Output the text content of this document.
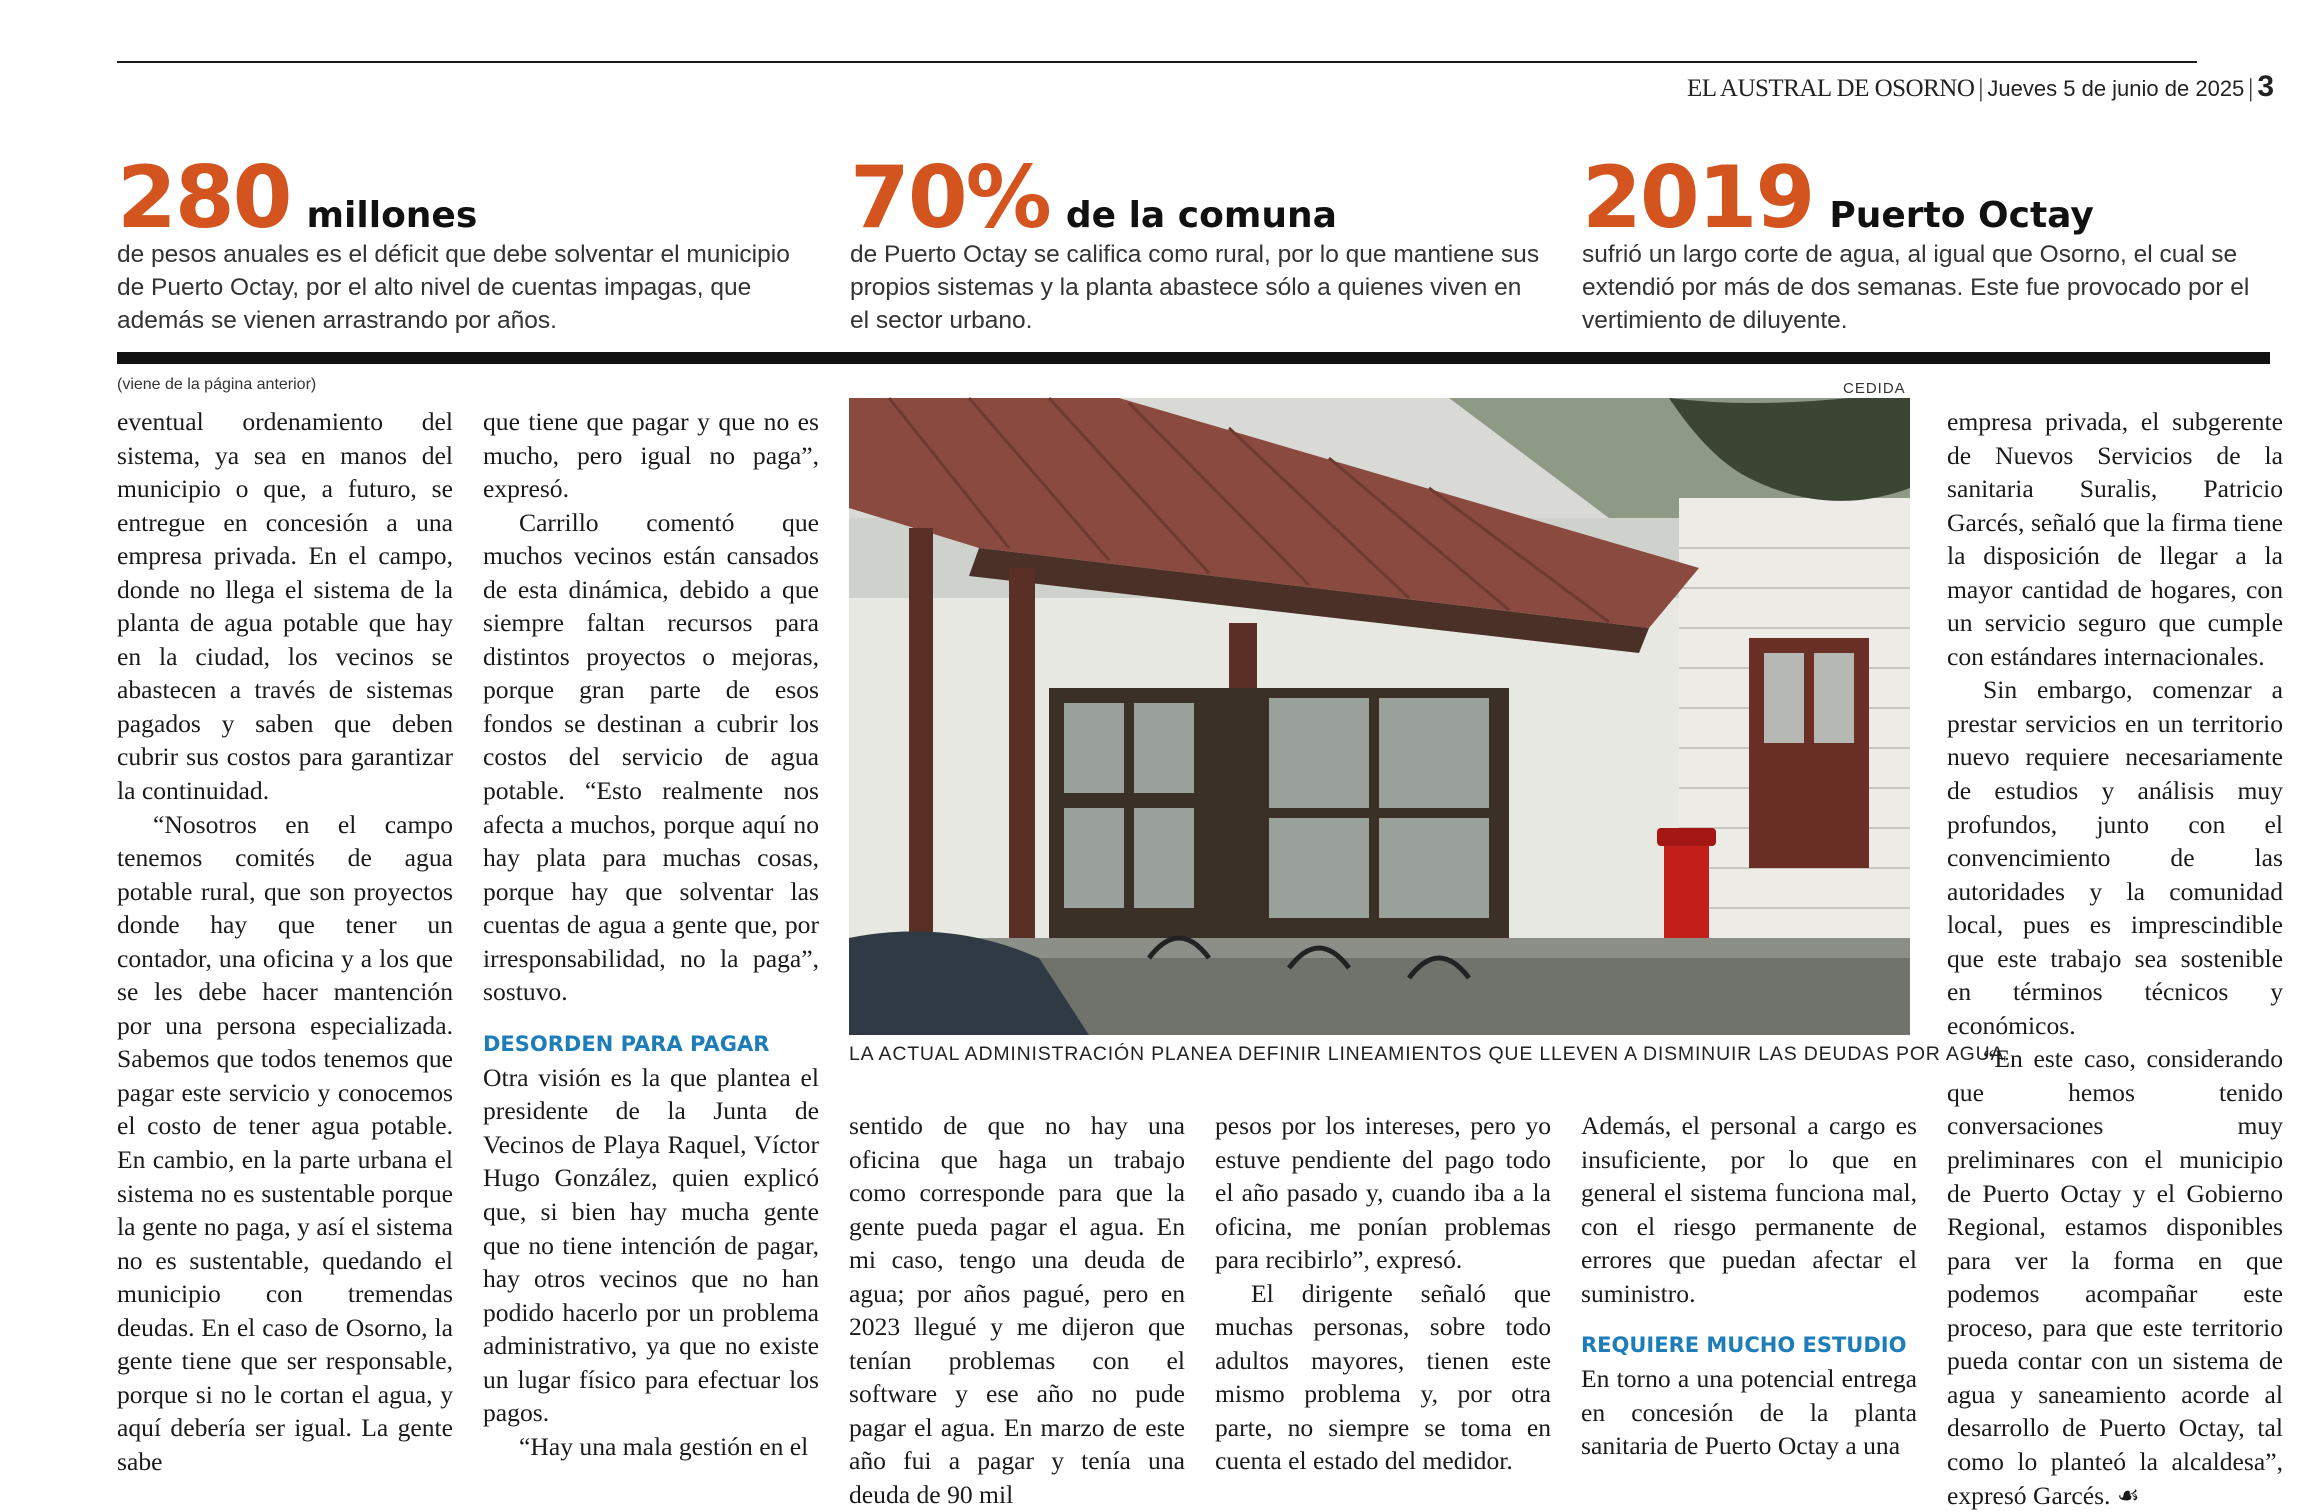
EL AUSTRAL DE OSORNO | Jueves 5 de junio de 2025 | 3
280 millones
de pesos anuales es el déficit que debe solventar el municipio de Puerto Octay, por el alto nivel de cuentas impagas, que además se vienen arrastrando por años.
70% de la comuna
de Puerto Octay se califica como rural, por lo que mantiene sus propios sistemas y la planta abastece sólo a quienes viven en el sector urbano.
2019 Puerto Octay
sufrió un largo corte de agua, al igual que Osorno, el cual se extendió por más de dos semanas. Este fue provocado por el vertimiento de diluyente.
(viene de la página anterior)	CEDIDA

eventual ordenamiento del sistema, ya sea en manos del municipio o que, a futuro, se entregue en concesión a una empresa privada. En el campo, donde no llega el sistema de la planta de agua potable que hay en la ciudad, los vecinos se abastecen a través de sistemas pagados y saben que deben cubrir sus costos para garantizar la continuidad.

“Nosotros en el campo tenemos comités de agua potable rural, que son proyectos donde hay que tener un contador, una oficina y a los que se les debe hacer mantención por una persona especializada. Sabemos que todos tenemos que pagar este servicio y conocemos el costo de tener agua potable. En cambio, en la parte urbana el sistema no es sustentable porque la gente no paga, y así el sistema no es sustentable, quedando el municipio con tremendas deudas. En el caso de Osorno, la gente tiene que ser responsable, porque si no le cortan el agua, y aquí debería ser igual. La gente sabe

que tiene que pagar y que no es mucho, pero igual no paga”, expresó.

Carrillo comentó que muchos vecinos están cansados de esta dinámica, debido a que siempre faltan recursos para distintos proyectos o mejoras, porque gran parte de esos fondos se destinan a cubrir los costos del servicio de agua potable. “Esto realmente nos afecta a muchos, porque aquí no hay plata para muchas cosas, porque hay que solventar las cuentas de agua a gente que, por irresponsabilidad, no la paga”, sostuvo.

DESORDEN PARA PAGAR

Otra visión es la que plantea el presidente de la Junta de Vecinos de Playa Raquel, Víctor Hugo González, quien explicó que, si bien hay mucha gente que no tiene intención de pagar, hay otros vecinos que no han podido hacerlo por un problema administrativo, ya que no existe un lugar físico para efectuar los pagos.

“Hay una mala gestión en el

LA ACTUAL ADMINISTRACIÓN PLANEA DEFINIR LINEAMIENTOS QUE LLEVEN A DISMINUIR LAS DEUDAS POR AGUA.

sentido de que no hay una oficina que haga un trabajo como corresponde para que la gente pueda pagar el agua. En mi caso, tengo una deuda de agua; por años pagué, pero en 2023 llegué y me dijeron que tenían problemas con el software y ese año no pude pagar el agua. En marzo de este año fui a pagar y tenía una deuda de 90 mil

pesos por los intereses, pero yo estuve pendiente del pago todo el año pasado y, cuando iba a la oficina, me ponían problemas para recibirlo”, expresó.

El dirigente señaló que muchas personas, sobre todo adultos mayores, tienen este mismo problema y, por otra parte, no siempre se toma en cuenta el estado del medidor.

Además, el personal a cargo es insuficiente, por lo que en general el sistema funciona mal, con el riesgo permanente de errores que puedan afectar el suministro.

REQUIERE MUCHO ESTUDIO

En torno a una potencial entrega en concesión de la planta sanitaria de Puerto Octay a una

empresa privada, el subgerente de Nuevos Servicios de la sanitaria Suralis, Patricio Garcés, señaló que la firma tiene la disposición de llegar a la mayor cantidad de hogares, con un servicio seguro que cumple con estándares internacionales.

Sin embargo, comenzar a prestar servicios en un territorio nuevo requiere necesariamente de estudios y análisis muy profundos, junto con el convencimiento de las autoridades y la comunidad local, pues es imprescindible que este trabajo sea sostenible en términos técnicos y económicos.

“En este caso, considerando que hemos tenido conversaciones muy preliminares con el municipio de Puerto Octay y el Gobierno Regional, estamos disponibles para ver la forma en que podemos acompañar este proceso, para que este territorio pueda contar con un sistema de agua y saneamiento acorde al desarrollo de Puerto Octay, tal como lo planteó la alcaldesa”, expresó Garcés. ☙
